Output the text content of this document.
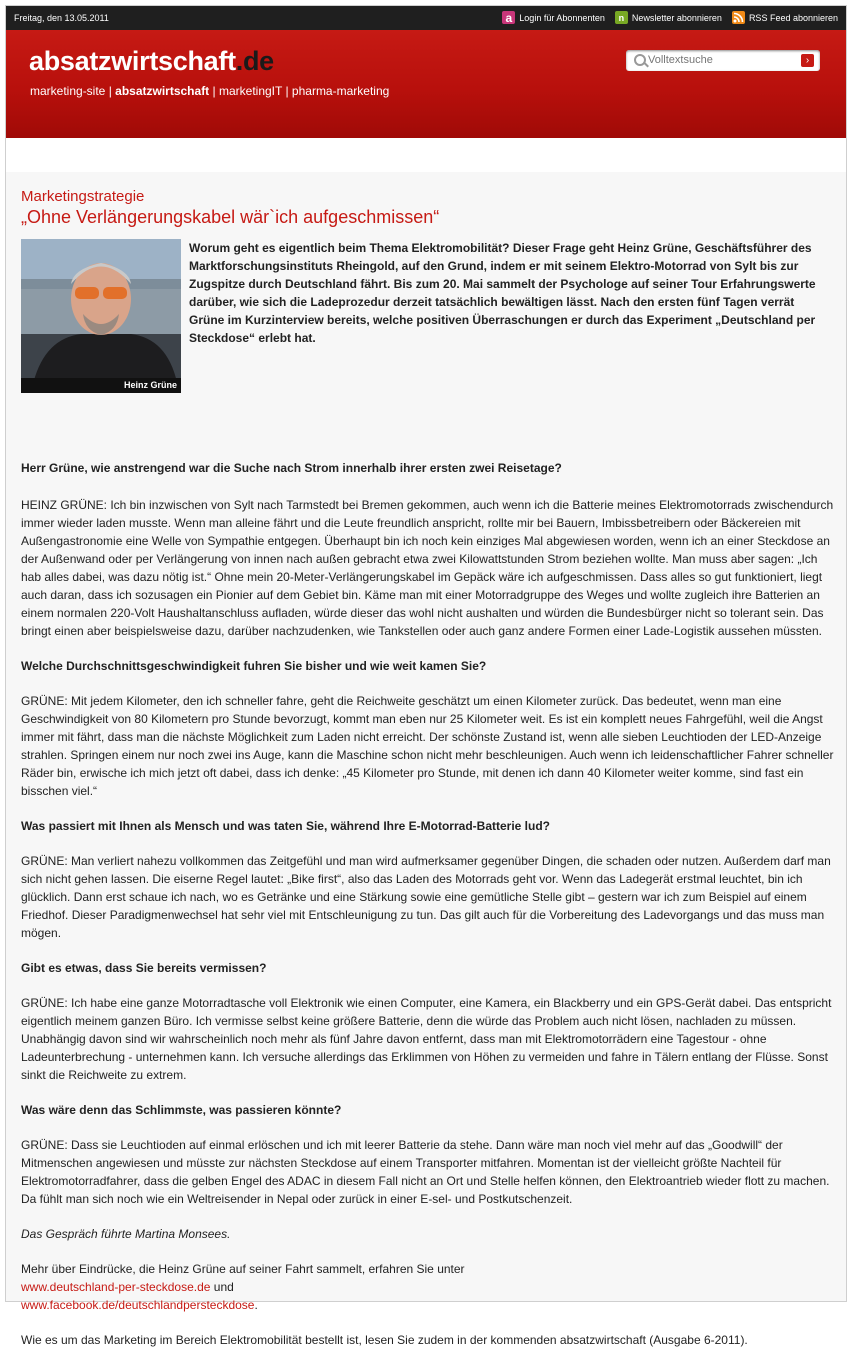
Freitag, den 13.05.2011	a Login für Abonnenten	n Newsletter abonnieren	RSS Feed abonnieren
absatzwirtschaft.de
marketing-site | absatzwirtschaft | marketingIT | pharma-marketing
Volltextsuche
›
Marketingstrategie
„Ohne Verlängerungskabel wär`ich aufgeschmissen“
Heinz Grüne
Worum geht es eigentlich beim Thema Elektromobilität? Dieser Frage geht Heinz Grüne, Geschäftsführer des Marktforschungsinstituts Rheingold, auf den Grund, indem er mit seinem Elektro-Motorrad von Sylt bis zur Zugspitze durch Deutschland fährt. Bis zum 20. Mai sammelt der Psychologe auf seiner Tour Erfahrungswerte darüber, wie sich die Ladeprozedur derzeit tatsächlich bewältigen lässt. Nach den ersten fünf Tagen verrät Grüne im Kurzinterview bereits, welche positiven Überraschungen er durch das Experiment „Deutschland per Steckdose“ erlebt hat.

Herr Grüne, wie anstrengend war die Suche nach Strom innerhalb ihrer ersten zwei Reisetage?

HEINZ GRÜNE: Ich bin inzwischen von Sylt nach Tarmstedt bei Bremen gekommen, auch wenn ich die Batterie meines Elektromotorrads zwischendurch immer wieder laden musste. Wenn man alleine fährt und die Leute freundlich anspricht, rollte mir bei Bauern, Imbissbetreibern oder Bäckereien mit Außengastronomie eine Welle von Sympathie entgegen. Überhaupt bin ich noch kein einziges Mal abgewiesen worden, wenn ich an einer Steckdose an der Außenwand oder per Verlängerung von innen nach außen gebracht etwa zwei Kilowattstunden Strom beziehen wollte. Man muss aber sagen: „Ich hab alles dabei, was dazu nötig ist.“ Ohne mein 20-Meter-Verlängerungskabel im Gepäck wäre ich aufgeschmissen. Dass alles so gut funktioniert, liegt auch daran, dass ich sozusagen ein Pionier auf dem Gebiet bin. Käme man mit einer Motorradgruppe des Weges und wollte zugleich ihre Batterien an einem normalen 220-Volt Haushaltanschluss aufladen, würde dieser das wohl nicht aushalten und würden die Bundesbürger nicht so tolerant sein. Das bringt einen aber beispielsweise dazu, darüber nachzudenken, wie Tankstellen oder auch ganz andere Formen einer Lade-Logistik aussehen müssten.

Welche Durchschnittsgeschwindigkeit fuhren Sie bisher und wie weit kamen Sie?

GRÜNE: Mit jedem Kilometer, den ich schneller fahre, geht die Reichweite geschätzt um einen Kilometer zurück. Das bedeutet, wenn man eine Geschwindigkeit von 80 Kilometern pro Stunde bevorzugt, kommt man eben nur 25 Kilometer weit. Es ist ein komplett neues Fahrgefühl, weil die Angst immer mit fährt, dass man die nächste Möglichkeit zum Laden nicht erreicht. Der schönste Zustand ist, wenn alle sieben Leuchtioden der LED-Anzeige strahlen. Springen einem nur noch zwei ins Auge, kann die Maschine schon nicht mehr beschleunigen. Auch wenn ich leidenschaftlicher Fahrer schneller Räder bin, erwische ich mich jetzt oft dabei, dass ich denke: „45 Kilometer pro Stunde, mit denen ich dann 40 Kilometer weiter komme, sind fast ein bisschen viel.“

Was passiert mit Ihnen als Mensch und was taten Sie, während Ihre E-Motorrad-Batterie lud?

GRÜNE: Man verliert nahezu vollkommen das Zeitgefühl und man wird aufmerksamer gegenüber Dingen, die schaden oder nutzen. Außerdem darf man sich nicht gehen lassen. Die eiserne Regel lautet: „Bike first“, also das Laden des Motorrads geht vor. Wenn das Ladegerät erstmal leuchtet, bin ich glücklich. Dann erst schaue ich nach, wo es Getränke und eine Stärkung sowie eine gemütliche Stelle gibt – gestern war ich zum Beispiel auf einem Friedhof. Dieser Paradigmenwechsel hat sehr viel mit Entschleunigung zu tun. Das gilt auch für die Vorbereitung des Ladevorgangs und das muss man mögen.

Gibt es etwas, dass Sie bereits vermissen?

GRÜNE: Ich habe eine ganze Motorradtasche voll Elektronik wie einen Computer, eine Kamera, ein Blackberry und ein GPS-Gerät dabei. Das entspricht eigentlich meinem ganzen Büro. Ich vermisse selbst keine größere Batterie, denn die würde das Problem auch nicht lösen, nachladen zu müssen. Unabhängig davon sind wir wahrscheinlich noch mehr als fünf Jahre davon entfernt, dass man mit Elektromotorrädern eine Tagestour - ohne Ladeunterbrechung - unternehmen kann. Ich versuche allerdings das Erklimmen von Höhen zu vermeiden und fahre in Tälern entlang der Flüsse. Sonst sinkt die Reichweite zu extrem.

Was wäre denn das Schlimmste, was passieren könnte?

GRÜNE: Dass sie Leuchtioden auf einmal erlöschen und ich mit leerer Batterie da stehe. Dann wäre man noch viel mehr auf das „Goodwill“ der Mitmenschen angewiesen und müsste zur nächsten Steckdose auf einem Transporter mitfahren. Momentan ist der vielleicht größte Nachteil für Elektromotorradfahrer, dass die gelben Engel des ADAC in diesem Fall nicht an Ort und Stelle helfen können, den Elektroantrieb wieder flott zu machen. Da fühlt man sich noch wie ein Weltreisender in Nepal oder zurück in einer E-sel- und Postkutschenzeit.

Das Gespräch führte Martina Monsees.

Mehr über Eindrücke, die Heinz Grüne auf seiner Fahrt sammelt, erfahren Sie unter
www.deutschland-per-steckdose.de und
www.facebook.de/deutschlandpersteckdose.

Wie es um das Marketing im Bereich Elektromobilität bestellt ist, lesen Sie zudem in der kommenden absatzwirtschaft (Ausgabe 6-2011).
